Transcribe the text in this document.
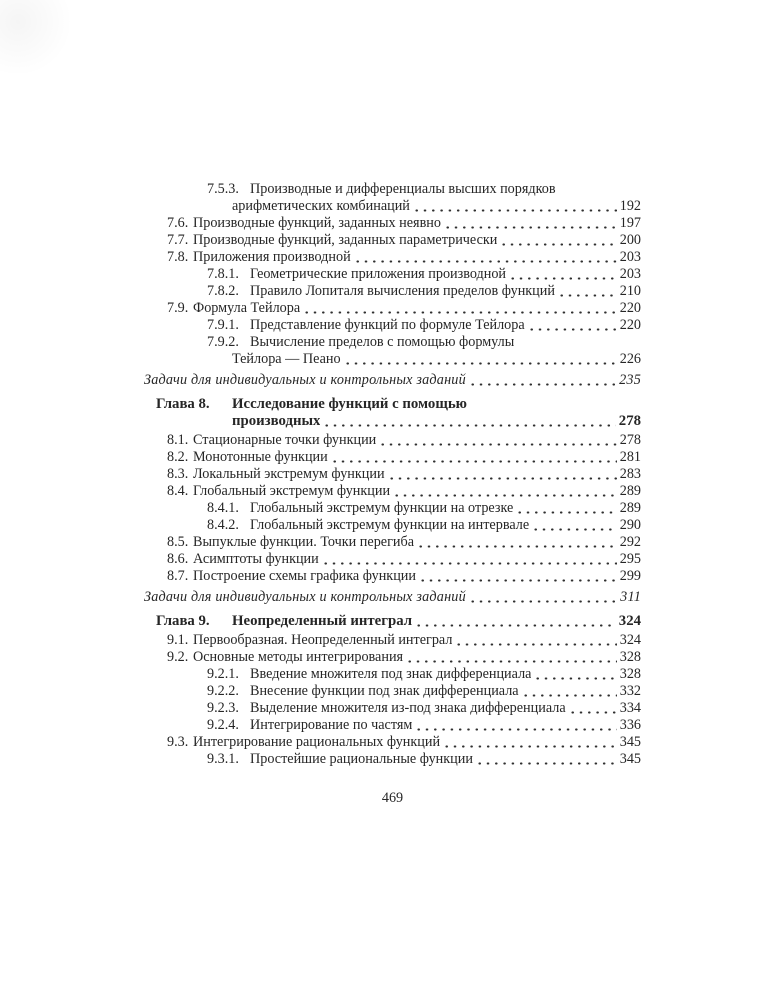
7.5.3. Производные и дифференциалы высших порядков
арифметических комбинаций	192
7.6. Производные функций, заданных неявно	197
7.7. Производные функций, заданных параметрически	200
7.8. Приложения производной	203
7.8.1. Геометрические приложения производной	203
7.8.2. Правило Лопиталя вычисления пределов функций	210
7.9. Формула Тейлора	220
7.9.1. Представление функций по формуле Тейлора	220
7.9.2. Вычисление пределов с помощью формулы
Тейлора — Пеано	226
Задачи для индивидуальных и контрольных заданий	235
Глава 8.	Исследование функций с помощью
производных	278
8.1. Стационарные точки функции	278
8.2. Монотонные функции	281
8.3. Локальный экстремум функции	283
8.4. Глобальный экстремум функции	289
8.4.1. Глобальный экстремум функции на отрезке	289
8.4.2. Глобальный экстремум функции на интервале	290
8.5. Выпуклые функции. Точки перегиба	292
8.6. Асимптоты функции	295
8.7. Построение схемы графика функции	299
Задачи для индивидуальных и контрольных заданий	311
Глава 9.	Неопределенный интеграл	324
9.1. Первообразная. Неопределенный интеграл	324
9.2. Основные методы интегрирования	328
9.2.1. Введение множителя под знак дифференциала	328
9.2.2. Внесение функции под знак дифференциала	332
9.2.3. Выделение множителя из-под знака дифференциала	334
9.2.4. Интегрирование по частям	336
9.3. Интегрирование рациональных функций	345
9.3.1. Простейшие рациональные функции	345
469
